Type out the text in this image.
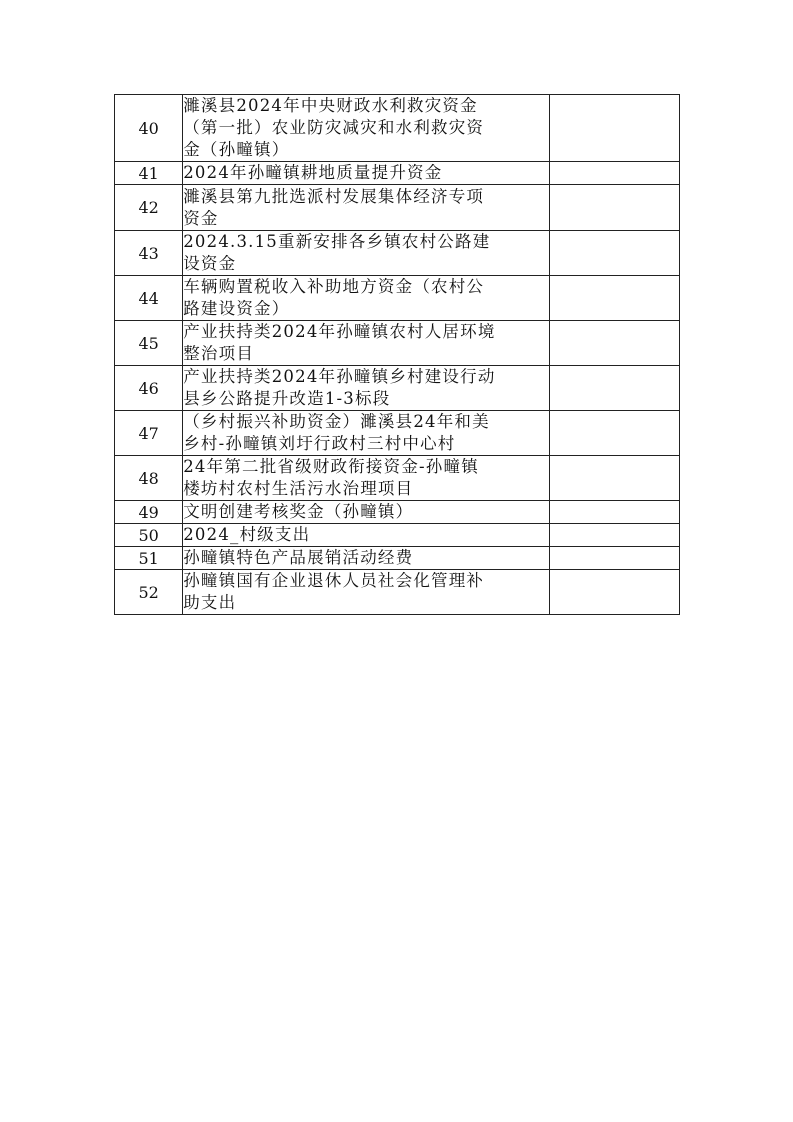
40	濉溪县2024年中央财政水利救灾资金
（第一批）农业防灾减灾和水利救灾资
金（孙疃镇）	
41	2024年孙疃镇耕地质量提升资金	
42	濉溪县第九批选派村发展集体经济专项
资金	
43	2024.3.15重新安排各乡镇农村公路建
设资金	
44	车辆购置税收入补助地方资金（农村公
路建设资金）	
45	产业扶持类2024年孙疃镇农村人居环境
整治项目	
46	产业扶持类2024年孙疃镇乡村建设行动
县乡公路提升改造1-3标段	
47	（乡村振兴补助资金）濉溪县24年和美
乡村-孙疃镇刘圩行政村三村中心村	
48	24年第二批省级财政衔接资金-孙疃镇
楼坊村农村生活污水治理项目	
49	文明创建考核奖金（孙疃镇）	
50	2024_村级支出	
51	孙疃镇特色产品展销活动经费	
52	孙疃镇国有企业退休人员社会化管理补
助支出	
